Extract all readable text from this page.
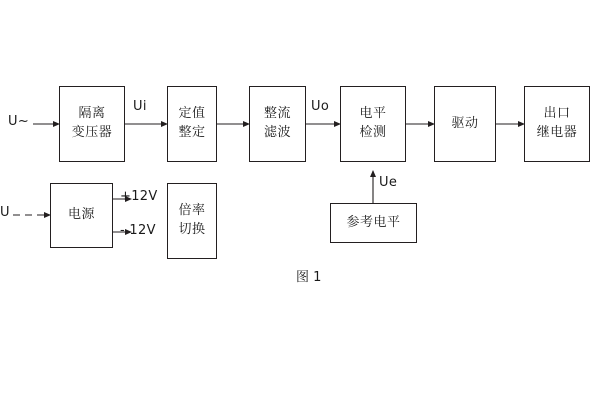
隔离
变压器
定值
整定
整流
滤波
电平
检测
驱动
出口
继电器
电源	倍率
切换	参考电平
U~
U
Ui	Uo
Ue
+12V
- 12V
图 1
